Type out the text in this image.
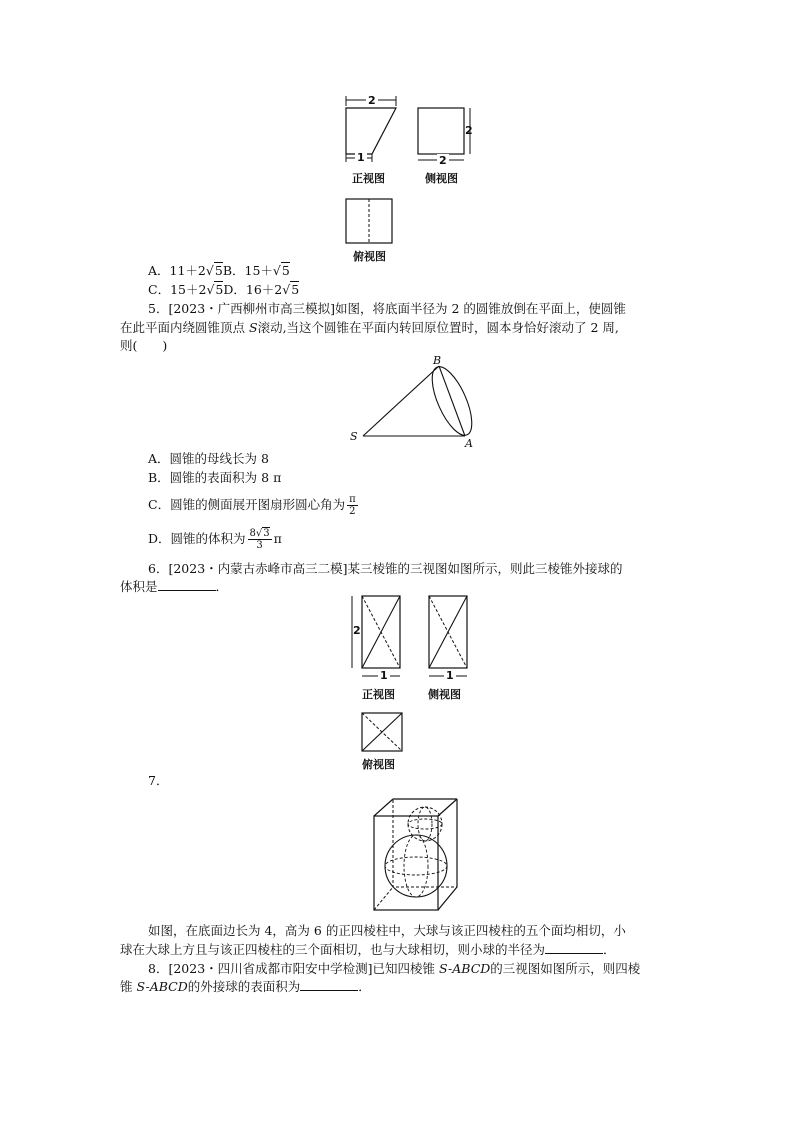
2
1
正视图
2
2
侧视图
俯视图
A．11＋2√5B．15＋√5
C．15＋2√5D．16＋2√5
5．[2023・广西柳州市高三模拟]如图，将底面半径为 2 的圆锥放倒在平面上，使圆锥
在此平面内绕圆锥顶点 S滚动,当这个圆锥在平面内转回原位置时，圆本身恰好滚动了 2 周,
则(　　)
S
B
A
A．圆锥的母线长为 8
B．圆锥的表面积为 8 π
C．圆锥的侧面展开图扇形圆心角为 $\frac{\pi}{2}$
D．圆锥的体积为 $\frac{8√3}{3}$ π
6．[2023・内蒙古赤峰市高三二模]某三棱锥的三视图如图所示，则此三棱锥外接球的
体积是	．
2
1
正视图
1
侧视图
俯视图
7．
如图，在底面边长为 4，高为 6 的正四棱柱中，大球与该正四棱柱的五个面均相切，小
球在大球上方且与该正四棱柱的三个面相切，也与大球相切，则小球的半径为	．
8．[2023・四川省成都市阳安中学检测]已知四棱锥 S-ABCD的三视图如图所示，则四棱
锥 S-ABCD的外接球的表面积为	．
